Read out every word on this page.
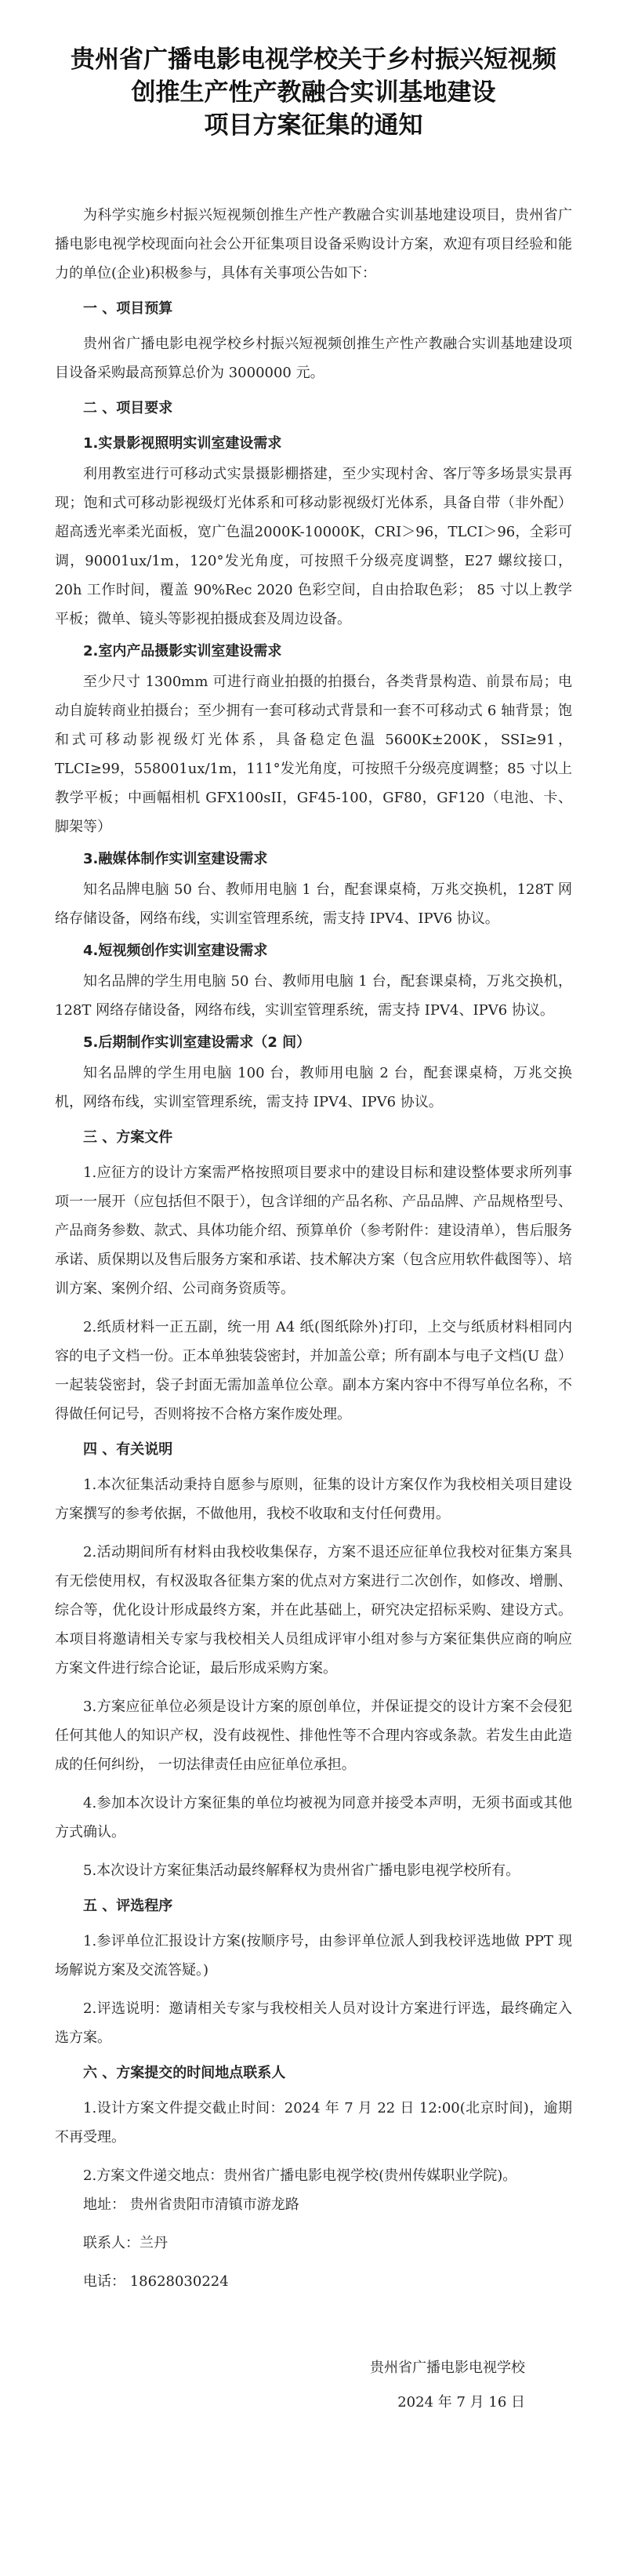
贵州省广播电影电视学校关于乡村振兴短视频
创推生产性产教融合实训基地建设
项目方案征集的通知

为科学实施乡村振兴短视频创推生产性产教融合实训基地建设项目，贵州省广播电影电视学校现面向社会公开征集项目设备采购设计方案，欢迎有项目经验和能力的单位(企业)积极参与，具体有关事项公告如下：

一 、项目预算

贵州省广播电影电视学校乡村振兴短视频创推生产性产教融合实训基地建设项目设备采购最高预算总价为 3000000 元。

二 、项目要求
1.实景影视照明实训室建设需求

利用教室进行可移动式实景摄影棚搭建，至少实现村舍、客厅等多场景实景再现；饱和式可移动影视级灯光体系和可移动影视级灯光体系，具备自带（非外配）超高透光率柔光面板，宽广色温2000K-10000K，CRI＞96，TLCI＞96，全彩可调，90001ux/1m，120°发光角度，可按照千分级亮度调整，E27 螺纹接口，20h 工作时间，覆盖 90%Rec 2020 色彩空间，自由拾取色彩； 85 寸以上教学平板；微单、镜头等影视拍摄成套及周边设备。

2.室内产品摄影实训室建设需求

至少尺寸 1300mm 可进行商业拍摄的拍摄台，各类背景构造、前景布局；电动自旋转商业拍摄台；至少拥有一套可移动式背景和一套不可移动式 6 轴背景；饱和式可移动影视级灯光体系，具备稳定色温 5600K±200K，SSI≥91，TLCI≥99，558001ux/1m，111°发光角度，可按照千分级亮度调整；85 寸以上教学平板；中画幅相机 GFX100sII，GF45-100，GF80，GF120（电池、卡、脚架等）

3.融媒体制作实训室建设需求

知名品牌电脑 50 台、教师用电脑 1 台，配套课桌椅，万兆交换机，128T 网络存储设备，网络布线，实训室管理系统，需支持 IPV4、IPV6 协议。

4.短视频创作实训室建设需求

知名品牌的学生用电脑 50 台、教师用电脑 1 台，配套课桌椅，万兆交换机，128T 网络存储设备，网络布线，实训室管理系统，需支持 IPV4、IPV6 协议。

5.后期制作实训室建设需求（2 间）

知名品牌的学生用电脑 100 台，教师用电脑 2 台，配套课桌椅，万兆交换机，网络布线，实训室管理系统，需支持 IPV4、IPV6 协议。

三 、方案文件

1.应征方的设计方案需严格按照项目要求中的建设目标和建设整体要求所列事项一一展开（应包括但不限于），包含详细的产品名称、产品品牌、产品规格型号、产品商务参数、款式、具体功能介绍、预算单价（参考附件：建设清单），售后服务承诺、质保期以及售后服务方案和承诺、技术解决方案（包含应用软件截图等）、培训方案、案例介绍、公司商务资质等。

2.纸质材料一正五副，统一用 A4 纸(图纸除外)打印，上交与纸质材料相同内容的电子文档一份。正本单独装袋密封，并加盖公章；所有副本与电子文档(U 盘）一起装袋密封，袋子封面无需加盖单位公章。副本方案内容中不得写单位名称，不得做任何记号，否则将按不合格方案作废处理。

四 、有关说明

1.本次征集活动秉持自愿参与原则，征集的设计方案仅作为我校相关项目建设方案撰写的参考依据，不做他用，我校不收取和支付任何费用。

2.活动期间所有材料由我校收集保存，方案不退还应征单位我校对征集方案具有无偿使用权，有权汲取各征集方案的优点对方案进行二次创作，如修改、增删、综合等，优化设计形成最终方案，并在此基础上，研究决定招标采购、建设方式。本项目将邀请相关专家与我校相关人员组成评审小组对参与方案征集供应商的响应方案文件进行综合论证，最后形成采购方案。

3.方案应征单位必须是设计方案的原创单位，并保证提交的设计方案不会侵犯任何其他人的知识产权，没有歧视性、排他性等不合理内容或条款。若发生由此造成的任何纠纷， 一切法律责任由应征单位承担。

4.参加本次设计方案征集的单位均被视为同意并接受本声明，无须书面或其他方式确认。

5.本次设计方案征集活动最终解释权为贵州省广播电影电视学校所有。

五 、评选程序

1.参评单位汇报设计方案(按顺序号，由参评单位派人到我校评选地做 PPT 现场解说方案及交流答疑。)

2.评选说明：邀请相关专家与我校相关人员对设计方案进行评选，最终确定入选方案。

六 、方案提交的时间地点联系人

1.设计方案文件提交截止时间：2024 年 7 月 22 日 12:00(北京时间)，逾期不再受理。

2.方案文件递交地点：贵州省广播电影电视学校(贵州传媒职业学院)。

地址： 贵州省贵阳市清镇市游龙路

联系人：兰丹

电话： 18628030224

贵州省广播电影电视学校
2024 年 7 月 16 日
